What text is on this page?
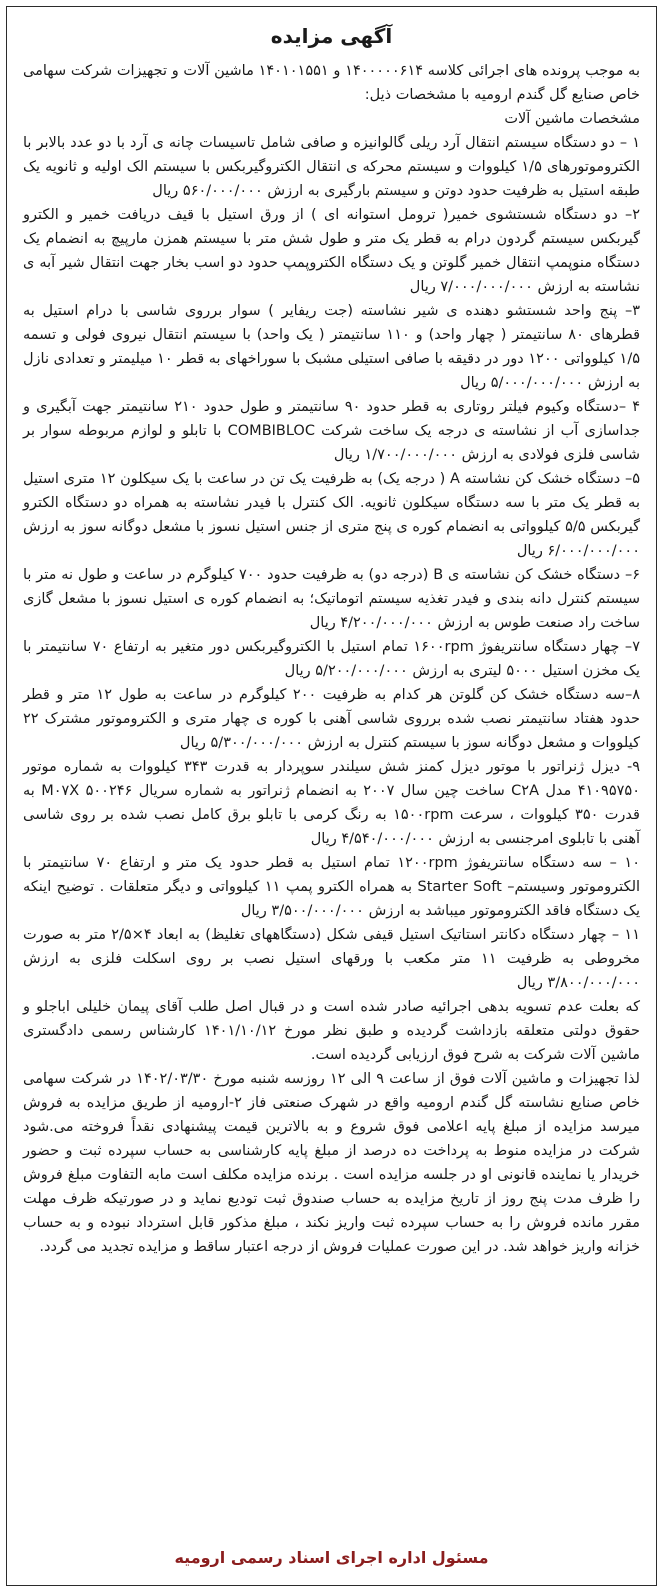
آگهی مزایده

به موجب پرونده های اجرائی کلاسه ۱۴۰۰۰۰۰۶۱۴ و ۱۴۰۱۰۱۵۵۱ ماشین آلات و تجهیزات شرکت سهامی خاص صنایع گل گندم ارومیه با مشخصات ذیل:

مشخصات ماشین آلات

۱ – دو دستگاه سیستم انتقال آرد ریلی گالوانیزه و صافی شامل تاسیسات چانه ی آرد با دو عدد بالابر با الکتروموتورهای ۱/۵ کیلووات و سیستم محرکه ی انتقال الکتروگیربکس با سیستم الک اولیه و ثانویه یک طبقه استیل به ظرفیت حدود دوتن و سیستم بارگیری به ارزش ۵۶۰/۰۰۰/۰۰۰ ریال

۲– دو دستگاه شستشوی خمیر( ترومل استوانه ای ) از ورق استیل با قیف دریافت خمیر و الکترو گیربکس سیستم گردون درام به قطر یک متر و طول شش متر با سیستم همزن مارپیچ به انضمام یک دستگاه منوپمپ انتقال خمیر گلوتن و یک دستگاه الکتروپمپ حدود دو اسب بخار جهت انتقال شیر آبه ی نشاسته به ارزش ۷/۰۰۰/۰۰۰/۰۰۰ ریال

۳– پنج واحد شستشو دهنده ی شیر نشاسته (جت ریفایر ) سوار برروی شاسی با درام استیل به قطرهای ۸۰ سانتیمتر ( چهار واحد) و ۱۱۰ سانتیمتر ( یک واحد) با سیستم انتقال نیروی فولی و تسمه ۱/۵ کیلوواتی ۱۲۰۰ دور در دقیقه با صافی استیلی مشبک با سوراخهای به قطر ۱۰ میلیمتر و تعدادی نازل به ارزش ۵/۰۰۰/۰۰۰/۰۰۰ ریال

۴ –دستگاه وکیوم فیلتر روتاری به قطر حدود ۹۰ سانتیمتر و طول حدود ۲۱۰ سانتیمتر جهت آبگیری و جداسازی آب از نشاسته ی درجه یک ساخت شرکت COMBIBLOC با تابلو و لوازم مربوطه سوار بر شاسی فلزی فولادی به ارزش ۱/۷۰۰/۰۰۰/۰۰۰ ریال

۵– دستگاه خشک کن نشاسته A ( درجه یک) به ظرفیت یک تن در ساعت با یک سیکلون ۱۲ متری استیل به قطر یک متر با سه دستگاه سیکلون ثانویه. الک کنترل با فیدر نشاسته به همراه دو دستگاه الکترو گیربکس ۵/۵ کیلوواتی به انضمام کوره ی پنج متری از جنس استیل نسوز با مشعل دوگانه سوز به ارزش ۶/۰۰۰/۰۰۰/۰۰۰ ریال

۶– دستگاه خشک کن نشاسته ی B (درجه دو) به ظرفیت حدود ۷۰۰ کیلوگرم در ساعت و طول نه متر با سیستم کنترل دانه بندی و فیدر تغذیه سیستم اتوماتیک؛ به انضمام کوره ی استیل نسوز با مشعل گازی ساخت راد صنعت طوس به ارزش ۴/۲۰۰/۰۰۰/۰۰۰ ریال

۷– چهار دستگاه سانتریفوژ ۱۶۰۰rpm تمام استیل با الکتروگیربکس دور متغیر به ارتفاع ۷۰ سانتیمتر با یک مخزن استیل ۵۰۰۰ لیتری به ارزش ۵/۲۰۰/۰۰۰/۰۰۰ ریال

۸–سه دستگاه خشک کن گلوتن هر کدام به ظرفیت ۲۰۰ کیلوگرم در ساعت به طول ۱۲ متر و قطر حدود هفتاد سانتیمتر نصب شده برروی شاسی آهنی با کوره ی چهار متری و الکتروموتور مشترک ۲۲ کیلووات و مشعل دوگانه سوز با سیستم کنترل به ارزش ۵/۳۰۰/۰۰۰/۰۰۰ ریال

۹- دیزل ژنراتور با موتور دیزل کمنز شش سیلندر سوپردار به قدرت ۳۴۳ کیلووات به شماره موتور ۴۱۰۹۵۷۵۰ مدل C۲A ساخت چین سال ۲۰۰۷ به انضمام ژنراتور به شماره سریال ۵۰۰۲۴۶ M۰۷X به قدرت ۳۵۰ کیلووات ، سرعت ۱۵۰۰rpm به رنگ کرمی با تابلو برق کامل نصب شده بر روی شاسی آهنی با تابلوی امرجنسی به ارزش ۴/۵۴۰/۰۰۰/۰۰۰ ریال

۱۰ – سه دستگاه سانتریفوژ ۱۲۰۰rpm تمام استیل به قطر حدود یک متر و ارتفاع ۷۰ سانتیمتر با الکتروموتور وسیستم– Starter Soft به همراه الکترو پمپ ۱۱ کیلوواتی و دیگر متعلقات . توضیح اینکه یک دستگاه فاقد الکتروموتور میباشد به ارزش ۳/۵۰۰/۰۰۰/۰۰۰ ریال

۱۱ – چهار دستگاه دکانتر استاتیک استیل قیفی شکل (دستگاههای تغلیظ) به ابعاد ۴×۲/۵ متر به صورت مخروطی به ظرفیت ۱۱ متر مکعب با ورقهای استیل نصب بر روی اسکلت فلزی به ارزش ۳/۸۰۰/۰۰۰/۰۰۰ ریال

که بعلت عدم تسویه بدهی اجرائیه صادر شده است و در قبال اصل طلب آقای پیمان خلیلی اباجلو و حقوق دولتی متعلقه بازداشت گردیده و طبق نظر مورخ ۱۴۰۱/۱۰/۱۲ کارشناس رسمی دادگستری ماشین آلات شرکت به شرح فوق ارزیابی گردیده است.

لذا تجهیزات و ماشین آلات فوق از ساعت ۹ الی ۱۲ روزسه شنبه مورخ ۱۴۰۲/۰۳/۳۰ در شرکت سهامی خاص صنایع نشاسته گل گندم ارومیه واقع در شهرک صنعتی فاز ۲-ارومیه از طریق مزایده به فروش میرسد مزایده از مبلغ پایه اعلامی فوق شروع و به بالاترین قیمت پیشنهادی نقداً فروخته می.شود شرکت در مزایده منوط به پرداخت ده درصد از مبلغ پایه کارشناسی به حساب سپرده ثبت و حضور خریدار یا نماینده قانونی او در جلسه مزایده است . برنده مزایده مکلف است مابه التفاوت مبلغ فروش را ظرف مدت پنج روز از تاریخ مزایده به حساب صندوق ثبت تودیع نماید و در صورتیکه ظرف مهلت مقرر مانده فروش را به حساب سپرده ثبت واریز نکند ، مبلغ مذکور قابل استرداد نبوده و به حساب خزانه واریز خواهد شد. در این صورت عملیات فروش از درجه اعتبار ساقط و مزایده تجدید می گردد.

مسئول اداره اجرای اسناد رسمی ارومیه
